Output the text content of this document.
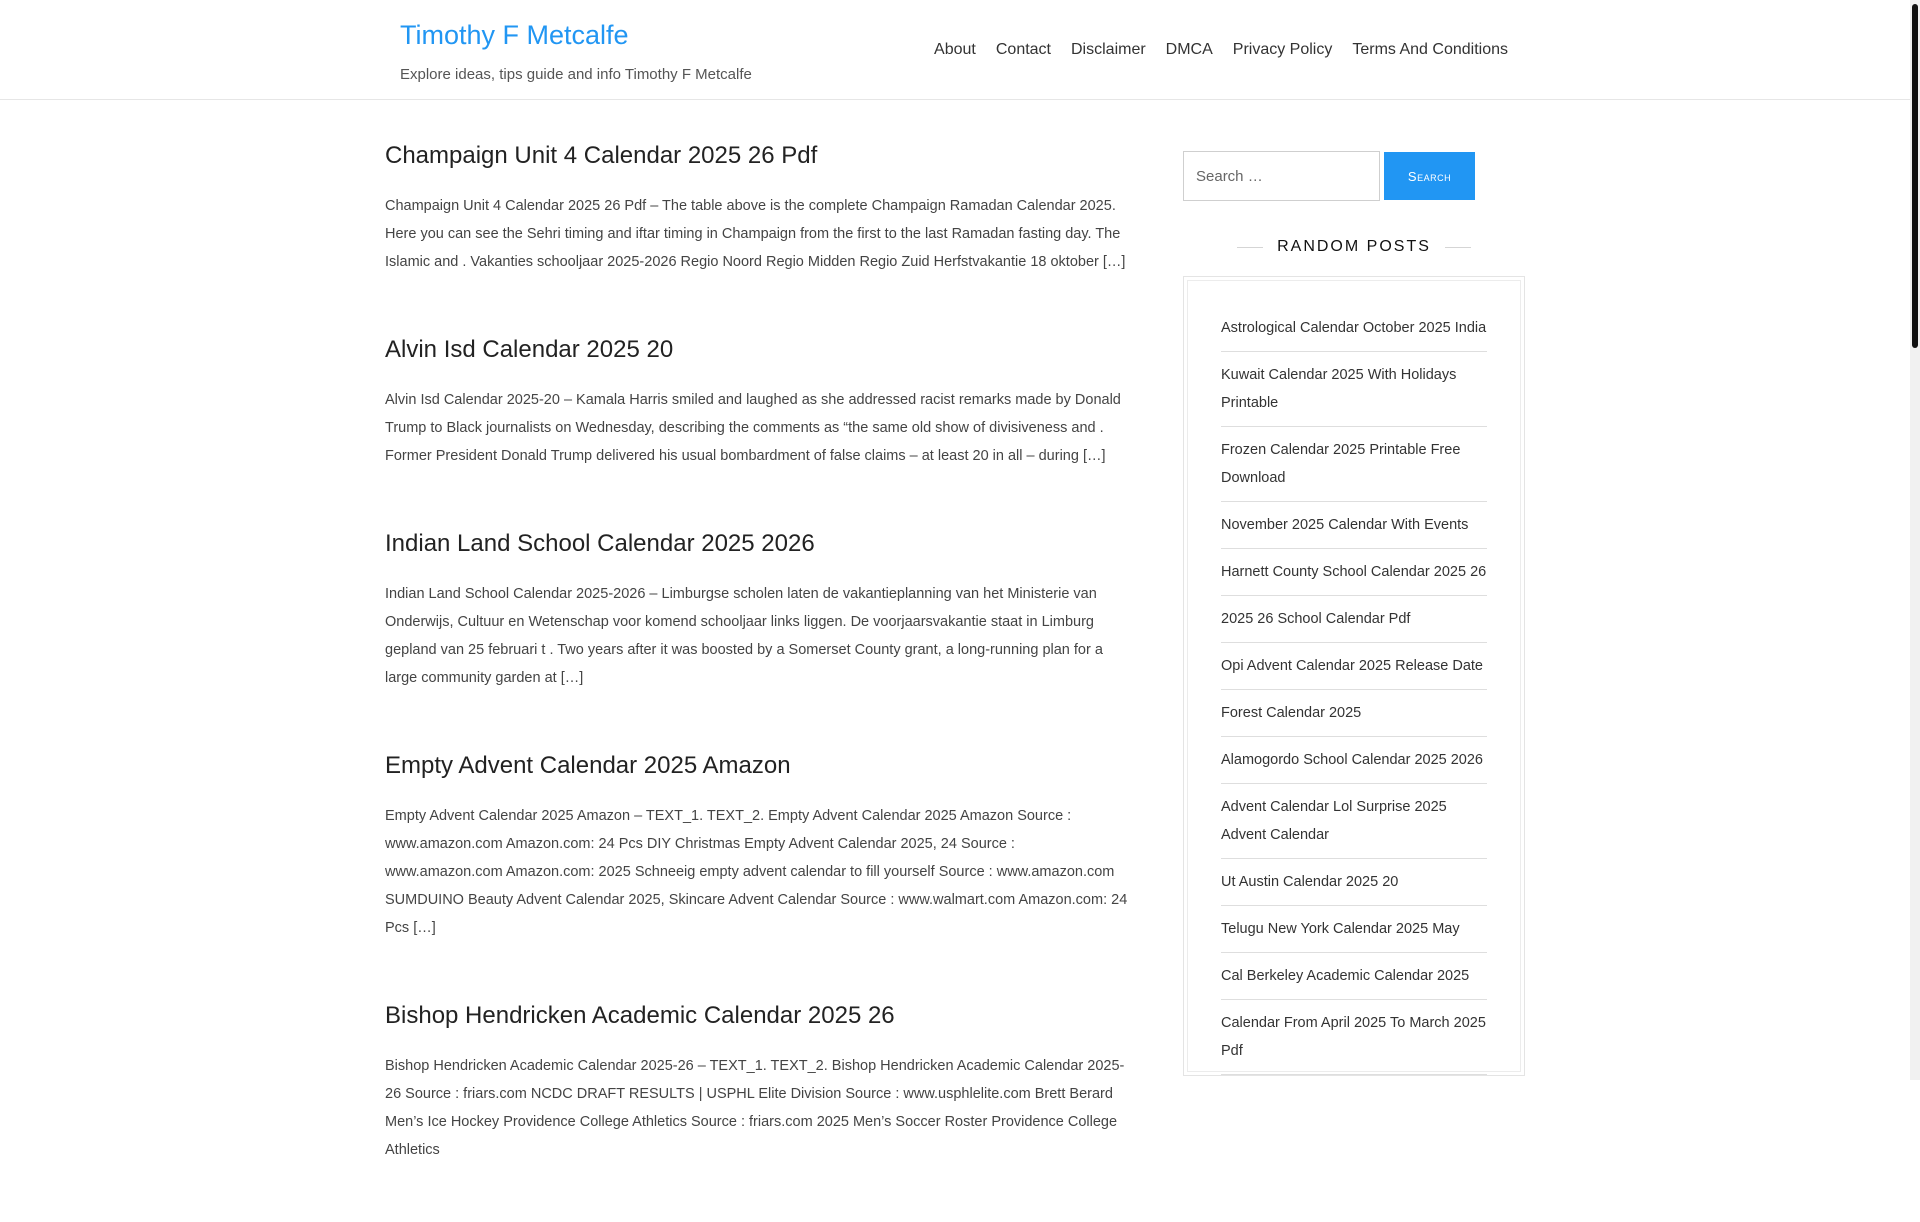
Timothy F Metcalfe
Explore ideas, tips guide and info Timothy F Metcalfe
About	Contact	Disclaimer	DMCA	Privacy Policy	Terms And Conditions
Champaign Unit 4 Calendar 2025 26 Pdf

Champaign Unit 4 Calendar 2025 26 Pdf – The table above is the complete Champaign Ramadan Calendar 2025. Here you can see the Sehri timing and iftar timing in Champaign from the first to the last Ramadan fasting day. The Islamic and . Vakanties schooljaar 2025-2026 Regio Noord Regio Midden Regio Zuid Herfstvakantie 18 oktober […]

Alvin Isd Calendar 2025 20

Alvin Isd Calendar 2025-20 – Kamala Harris smiled and laughed as she addressed racist remarks made by Donald Trump to Black journalists on Wednesday, describing the comments as “the same old show of divisiveness and . Former President Donald Trump delivered his usual bombardment of false claims – at least 20 in all – during […]

Indian Land School Calendar 2025 2026

Indian Land School Calendar 2025-2026 – Limburgse scholen laten de vakantieplanning van het Ministerie van Onderwijs, Cultuur en Wetenschap voor komend schooljaar links liggen. De voorjaarsvakantie staat in Limburg gepland van 25 februari t . Two years after it was boosted by a Somerset County grant, a long-running plan for a large community garden at […]

Empty Advent Calendar 2025 Amazon

Empty Advent Calendar 2025 Amazon – TEXT_1. TEXT_2. Empty Advent Calendar 2025 Amazon Source : www.amazon.com Amazon.com: 24 Pcs DIY Christmas Empty Advent Calendar 2025, 24 Source : www.amazon.com Amazon.com: 2025 Schneeig empty advent calendar to fill yourself Source : www.amazon.com SUMDUINO Beauty Advent Calendar 2025, Skincare Advent Calendar Source : www.walmart.com Amazon.com: 24 Pcs […]

Bishop Hendricken Academic Calendar 2025 26

Bishop Hendricken Academic Calendar 2025-26 – TEXT_1. TEXT_2. Bishop Hendricken Academic Calendar 2025-26 Source : friars.com NCDC DRAFT RESULTS | USPHL Elite Division Source : www.usphlelite.com Brett Berard Men’s Ice Hockey Providence College Athletics Source : friars.com 2025 Men’s Soccer Roster Providence College Athletics

Search …
Search
RANDOM POSTS
Astrological Calendar October 2025 India
Kuwait Calendar 2025 With Holidays Printable
Frozen Calendar 2025 Printable Free Download
November 2025 Calendar With Events
Harnett County School Calendar 2025 26
2025 26 School Calendar Pdf
Opi Advent Calendar 2025 Release Date
Forest Calendar 2025
Alamogordo School Calendar 2025 2026
Advent Calendar Lol Surprise 2025 Advent Calendar
Ut Austin Calendar 2025 20
Telugu New York Calendar 2025 May
Cal Berkeley Academic Calendar 2025
Calendar From April 2025 To March 2025 Pdf
